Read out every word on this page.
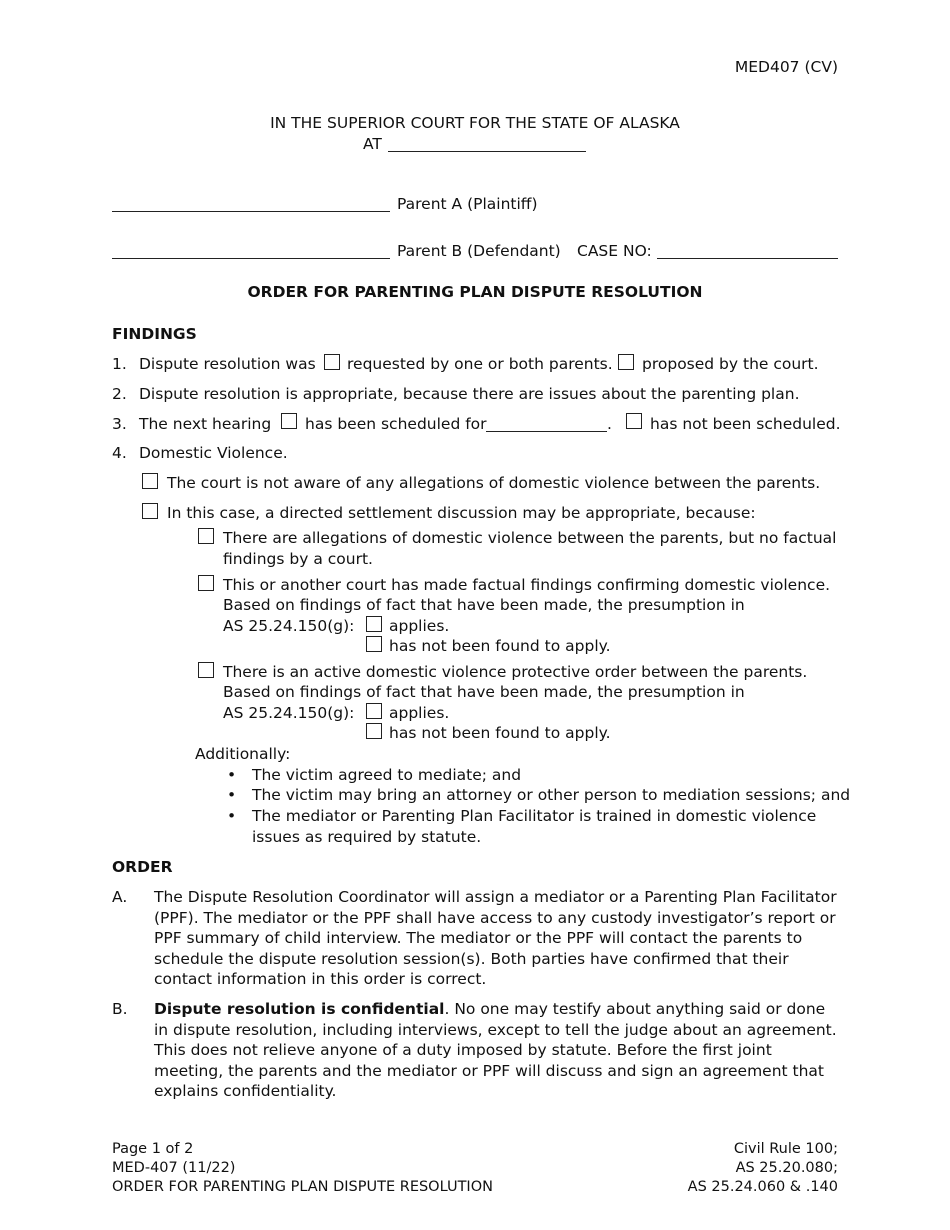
MED407 (CV)
IN THE SUPERIOR COURT FOR THE STATE OF ALASKA
AT
Parent A (Plaintiff)
Parent B (Defendant) CASE NO:
ORDER FOR PARENTING PLAN DISPUTE RESOLUTION
FINDINGS
1. Dispute resolution was requested by one or both parents. proposed by the court.
2. Dispute resolution is appropriate, because there are issues about the parenting plan.
3. The next hearing has been scheduled for	. has not been scheduled.
4. Domestic Violence.
The court is not aware of any allegations of domestic violence between the parents.
In this case, a directed settlement discussion may be appropriate, because:
There are allegations of domestic violence between the parents, but no factual
findings by a court.
This or another court has made factual findings confirming domestic violence.
Based on findings of fact that have been made, the presumption in
AS 25.24.150(g): applies.
has not been found to apply.
There is an active domestic violence protective order between the parents.
Based on findings of fact that have been made, the presumption in
AS 25.24.150(g): applies.
has not been found to apply.
Additionally:
• The victim agreed to mediate; and
• The victim may bring an attorney or other person to mediation sessions; and
• The mediator or Parenting Plan Facilitator is trained in domestic violence
issues as required by statute.
ORDER
A. The Dispute Resolution Coordinator will assign a mediator or a Parenting Plan Facilitator (PPF). The mediator or the PPF shall have access to any custody investigator’s report or PPF summary of child interview. The mediator or the PPF will contact the parents to schedule the dispute resolution session(s). Both parties have confirmed that their contact information in this order is correct.
B. Dispute resolution is confidential. No one may testify about anything said or done in dispute resolution, including interviews, except to tell the judge about an agreement. This does not relieve anyone of a duty imposed by statute. Before the first joint meeting, the parents and the mediator or PPF will discuss and sign an agreement that explains confidentiality.
Page 1 of 2
MED-407 (11/22)
ORDER FOR PARENTING PLAN DISPUTE RESOLUTION
Civil Rule 100;
AS 25.20.080;
AS 25.24.060 & .140
